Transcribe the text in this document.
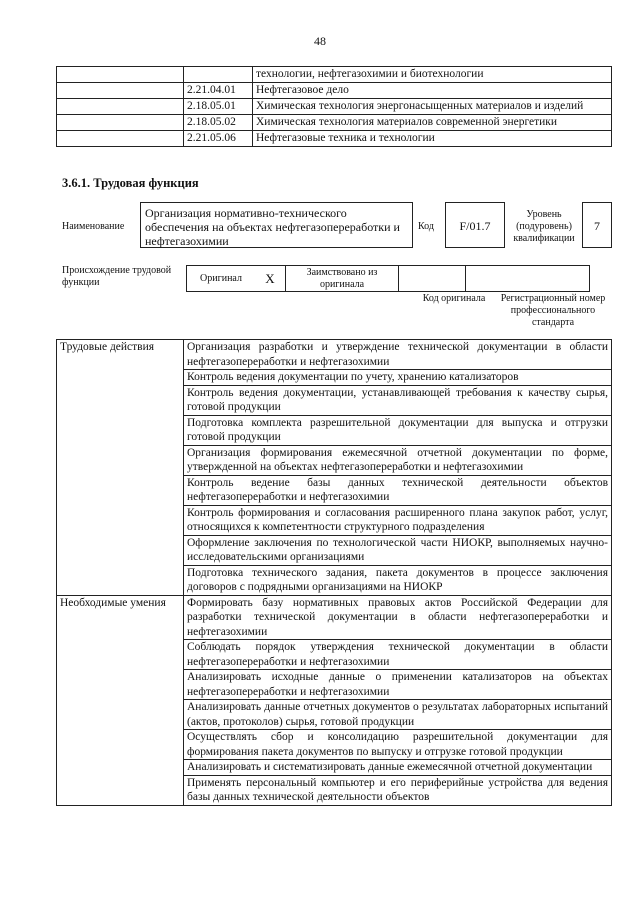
48
		технологии, нефтегазохимии и биотехнологии
	2.21.04.01	Нефтегазовое дело
	2.18.05.01	Химическая технология энергонасыщенных материалов и изделий
	2.18.05.02	Химическая технология материалов современной энергетики
	2.21.05.06	Нефтегазовые техника и технологии
3.6.1. Трудовая функция
Наименование
Организация нормативно-технического обеспечения на объектах нефтегазопереработки и нефтегазохимии
Код	F/01.7
Уровень (подуровень) квалификации
7
Происхождение трудовой функции	Оригинал	X	Заимствовано из оригинала		
Код оригинала	Регистрационный номер профессионального стандарта
Трудовые действия	Организация разработки и утверждение технической документации в области нефтегазопереработки и нефтегазохимии
	Контроль ведения документации по учету, хранению катализаторов
	Контроль ведения документации, устанавливающей требования к качеству сырья, готовой продукции
	Подготовка комплекта разрешительной документации для выпуска и отгрузки готовой продукции
	Организация формирования ежемесячной отчетной документации по форме, утвержденной на объектах нефтегазопереработки и нефтегазохимии
	Контроль ведение базы данных технической деятельности объектов нефтегазопереработки и нефтегазохимии
	Контроль формирования и согласования расширенного плана закупок работ, услуг, относящихся к компетентности структурного подразделения
	Оформление заключения по технологической части НИОКР, выполняемых научно-исследовательскими организациями
	Подготовка технического задания, пакета документов в процессе заключения договоров с подрядными организациями на НИОКР
Необходимые умения	Формировать базу нормативных правовых актов Российской Федерации для разработки технической документации в области нефтегазопереработки и нефтегазохимии
	Соблюдать порядок утверждения технической документации в области нефтегазопереработки и нефтегазохимии
	Анализировать исходные данные о применении катализаторов на объектах нефтегазопереработки и нефтегазохимии
	Анализировать данные отчетных документов о результатах лабораторных испытаний (актов, протоколов) сырья, готовой продукции
	Осуществлять сбор и консолидацию разрешительной документации для формирования пакета документов по выпуску и отгрузке готовой продукции
	Анализировать и систематизировать данные ежемесячной отчетной документации
	Применять персональный компьютер и его периферийные устройства для ведения базы данных технической деятельности объектов
